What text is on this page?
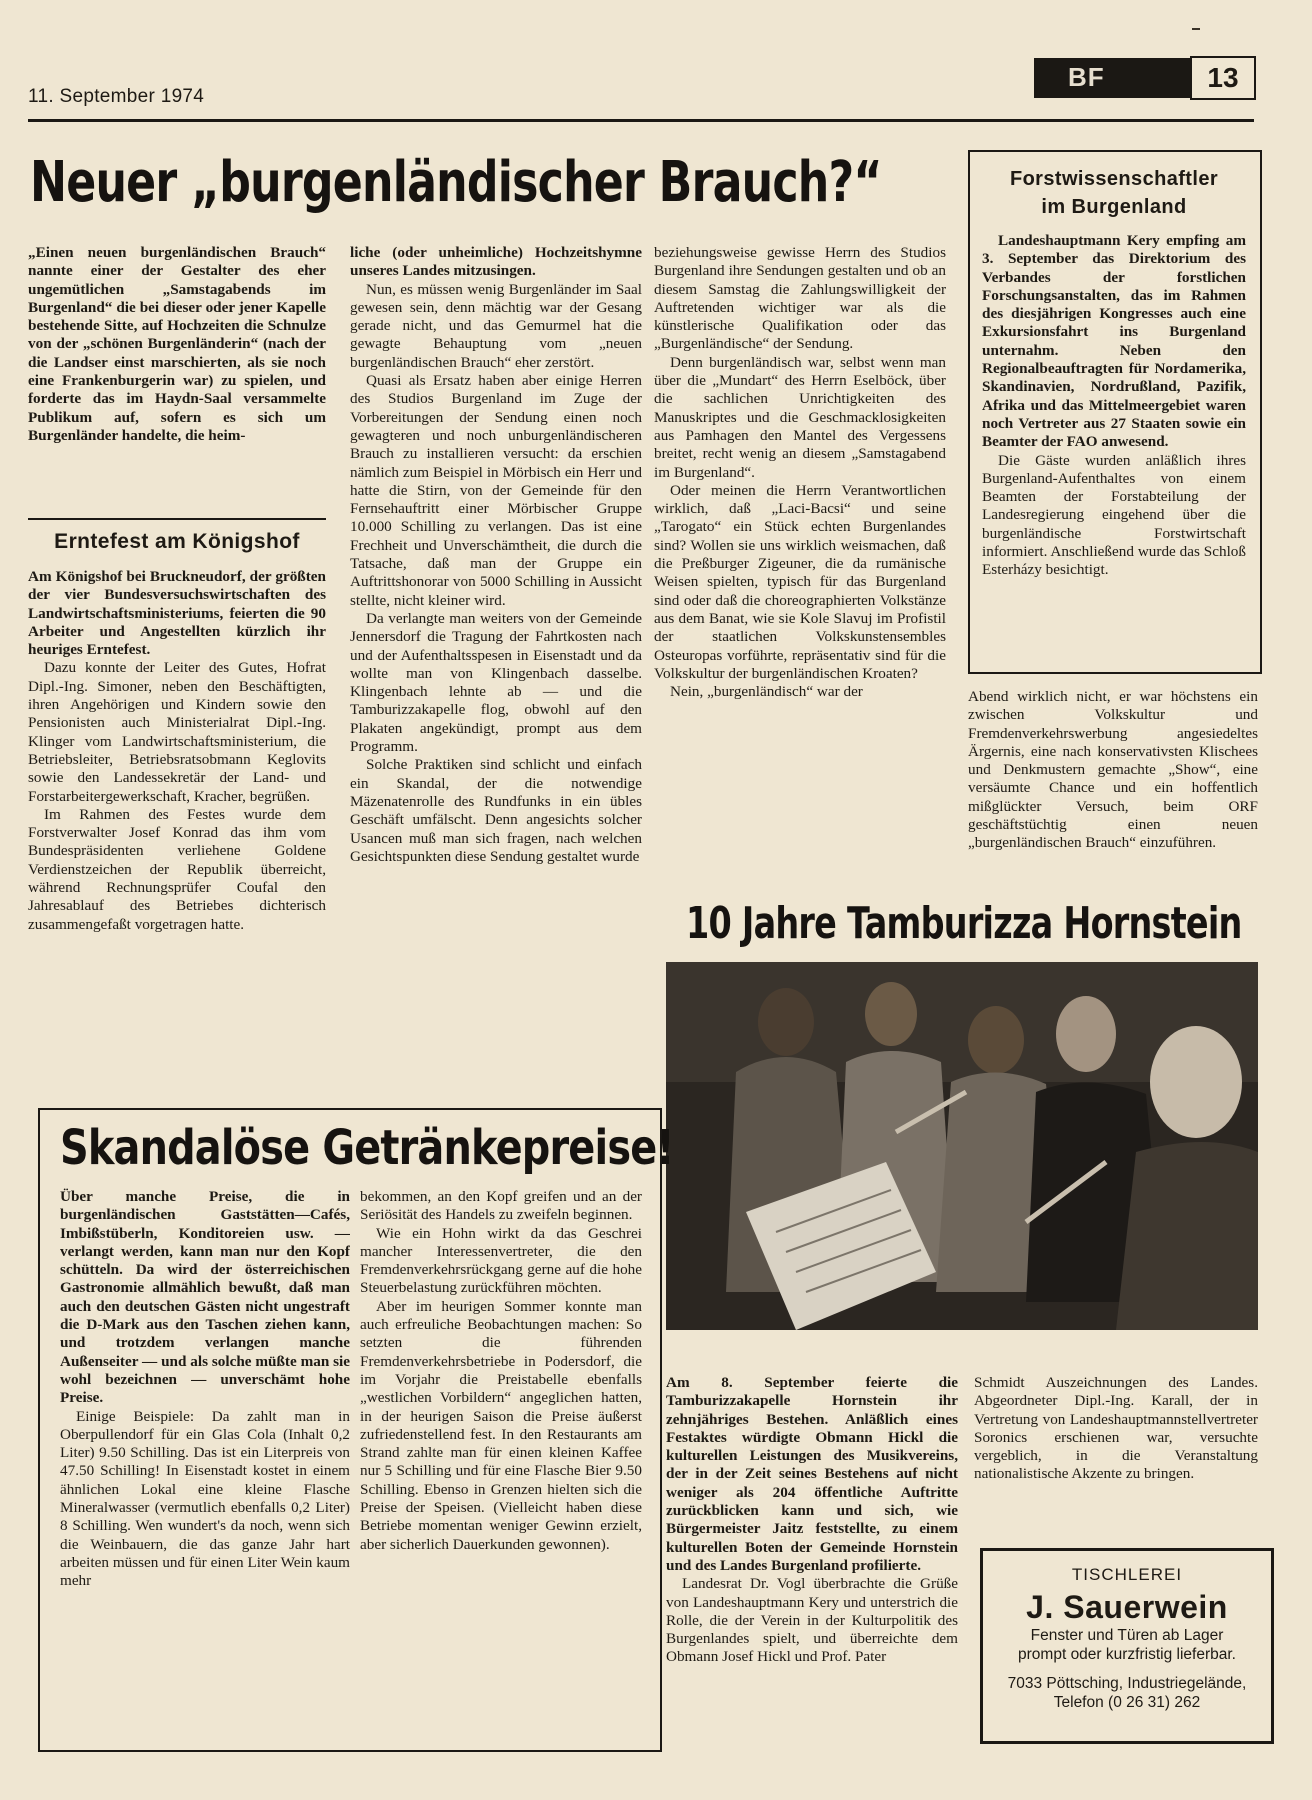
11. September 1974
BF	13
Neuer „burgenländischer Brauch?“

„Einen neuen burgenländischen Brauch“ nannte einer der Gestalter des eher ungemütlichen „Samstagabends im Burgenland“ die bei dieser oder jener Kapelle bestehende Sitte, auf Hochzeiten die Schnulze von der „schönen Burgenländerin“ (nach der die Landser einst marschierten, als sie noch eine Frankenburgerin war) zu spielen, und forderte das im Haydn-Saal versammelte Publikum auf, sofern es sich um Burgenländer handelte, die heim-

liche (oder unheimliche) Hochzeitshymne unseres Landes mitzusingen.

Nun, es müssen wenig Burgenländer im Saal gewesen sein, denn mächtig war der Gesang gerade nicht, und das Gemurmel hat die gewagte Behauptung vom „neuen burgenländischen Brauch“ eher zerstört.

Quasi als Ersatz haben aber einige Herren des Studios Burgenland im Zuge der Vorbereitungen der Sendung einen noch gewagteren und noch unburgenländischeren Brauch zu installieren versucht: da erschien nämlich zum Beispiel in Mörbisch ein Herr und hatte die Stirn, von der Gemeinde für den Fernsehauftritt einer Mörbischer Gruppe 10.000 Schilling zu verlangen. Das ist eine Frechheit und Unverschämtheit, die durch die Tatsache, daß man der Gruppe ein Auftrittshonorar von 5000 Schilling in Aussicht stellte, nicht kleiner wird.

Da verlangte man weiters von der Gemeinde Jennersdorf die Tragung der Fahrtkosten nach und der Aufenthaltsspesen in Eisenstadt und da wollte man von Klingenbach dasselbe. Klingenbach lehnte ab — und die Tamburizzakapelle flog, obwohl auf den Plakaten angekündigt, prompt aus dem Programm.

Solche Praktiken sind schlicht und einfach ein Skandal, der die notwendige Mäzenatenrolle des Rundfunks in ein übles Geschäft umfälscht. Denn angesichts solcher Usancen muß man sich fragen, nach welchen Gesichtspunkten diese Sendung gestaltet wurde

beziehungsweise gewisse Herrn des Studios Burgenland ihre Sendungen gestalten und ob an diesem Samstag die Zahlungswilligkeit der Auftretenden wichtiger war als die künstlerische Qualifikation oder das „Burgenländische“ der Sendung.

Denn burgenländisch war, selbst wenn man über die „Mundart“ des Herrn Eselböck, über die sachlichen Unrichtigkeiten des Manuskriptes und die Geschmacklosigkeiten aus Pamhagen den Mantel des Vergessens breitet, recht wenig an diesem „Samstagabend im Burgenland“.

Oder meinen die Herrn Verantwortlichen wirklich, daß „Laci-Bacsi“ und seine „Tarogato“ ein Stück echten Burgenlandes sind? Wollen sie uns wirklich weismachen, daß die Preßburger Zigeuner, die da rumänische Weisen spielten, typisch für das Burgenland sind oder daß die choreographierten Volkstänze aus dem Banat, wie sie Kole Slavuj im Profistil der staatlichen Volkskunstensembles Osteuropas vorführte, repräsentativ sind für die Volkskultur der burgenländischen Kroaten?

Nein, „burgenländisch“ war der	Abend wirklich nicht, er war höchstens ein zwischen Volkskultur und Fremdenverkehrswerbung angesiedeltes Ärgernis, eine nach konservativsten Klischees und Denkmustern gemachte „Show“, eine versäumte Chance und ein hoffentlich mißglückter Versuch, beim ORF geschäftstüchtig einen neuen „burgenländischen Brauch“ einzuführen.

Erntefest am Königshof

Am Königshof bei Bruckneudorf, der größten der vier Bundesversuchswirtschaften des Landwirtschaftsministeriums, feierten die 90 Arbeiter und Angestellten kürzlich ihr heuriges Erntefest.

Dazu konnte der Leiter des Gutes, Hofrat Dipl.-Ing. Simoner, neben den Beschäftigten, ihren Angehörigen und Kindern sowie den Pensionisten auch Ministerialrat Dipl.-Ing. Klinger vom Landwirtschaftsministerium, die Betriebsleiter, Betriebsratsobmann Keglovits sowie den Landessekretär der Land- und Forstarbeitergewerkschaft, Kracher, begrüßen.

Im Rahmen des Festes wurde dem Forstverwalter Josef Konrad das ihm vom Bundespräsidenten verliehene Goldene Verdienstzeichen der Republik überreicht, während Rechnungsprüfer Coufal den Jahresablauf des Betriebes dichterisch zusammengefaßt vorgetragen hatte.

Forstwissenschaftler
im Burgenland

Landeshauptmann Kery empfing am 3. September das Direktorium des Verbandes der forstlichen Forschungsanstalten, das im Rahmen des diesjährigen Kongresses auch eine Exkursionsfahrt ins Burgenland unternahm. Neben den Regionalbeauftragten für Nordamerika, Skandinavien, Nordrußland, Pazifik, Afrika und das Mittelmeergebiet waren noch Vertreter aus 27 Staaten sowie ein Beamter der FAO anwesend.

Die Gäste wurden anläßlich ihres Burgenland-Aufenthaltes von einem Beamten der Forstabteilung der Landesregierung eingehend über die burgenländische Forstwirtschaft informiert. Anschließend wurde das Schloß Esterházy besichtigt.

10 Jahre Tamburizza Hornstein

Am 8. September feierte die Tamburizzakapelle Hornstein ihr zehnjähriges Bestehen. Anläßlich eines Festaktes würdigte Obmann Hickl die kulturellen Leistungen des Musikvereins, der in der Zeit seines Bestehens auf nicht weniger als 204 öffentliche Auftritte zurückblicken kann und sich, wie Bürgermeister Jaitz feststellte, zu einem kulturellen Boten der Gemeinde Hornstein und des Landes Burgenland profilierte.

Landesrat Dr. Vogl überbrachte die Grüße von Landeshauptmann Kery und unterstrich die Rolle, die der Verein in der Kulturpolitik des Burgenlandes spielt, und überreichte dem Obmann Josef Hickl und Prof. Pater

Schmidt Auszeichnungen des Landes. Abgeordneter Dipl.-Ing. Karall, der in Vertretung von Landeshauptmannstellvertreter Soronics erschienen war, versuchte vergeblich, in die Veranstaltung nationalistische Akzente zu bringen.

Skandalöse Getränkepreise!

Über manche Preise, die in burgenländischen Gaststätten—Cafés, Imbißstüberln, Konditoreien usw. — verlangt werden, kann man nur den Kopf schütteln. Da wird der österreichischen Gastronomie allmählich bewußt, daß man auch den deutschen Gästen nicht ungestraft die D-Mark aus den Taschen ziehen kann, und trotzdem verlangen manche Außenseiter — und als solche müßte man sie wohl bezeichnen — unverschämt hohe Preise.

Einige Beispiele: Da zahlt man in Oberpullendorf für ein Glas Cola (Inhalt 0,2 Liter) 9.50 Schilling. Das ist ein Literpreis von 47.50 Schilling! In Eisenstadt kostet in einem ähnlichen Lokal eine kleine Flasche Mineralwasser (vermutlich ebenfalls 0,2 Liter) 8 Schilling. Wen wundert's da noch, wenn sich die Weinbauern, die das ganze Jahr hart arbeiten müssen und für einen Liter Wein kaum mehr

bekommen, an den Kopf greifen und an der Seriösität des Handels zu zweifeln beginnen.

Wie ein Hohn wirkt da das Geschrei mancher Interessenvertreter, die den Fremdenverkehrsrückgang gerne auf die hohe Steuerbelastung zurückführen möchten.

Aber im heurigen Sommer konnte man auch erfreuliche Beobachtungen machen: So setzten die führenden Fremdenverkehrsbetriebe in Podersdorf, die im Vorjahr die Preistabelle ebenfalls „westlichen Vorbildern“ angeglichen hatten, in der heurigen Saison die Preise äußerst zufriedenstellend fest. In den Restaurants am Strand zahlte man für einen kleinen Kaffee nur 5 Schilling und für eine Flasche Bier 9.50 Schilling. Ebenso in Grenzen hielten sich die Preise der Speisen. (Vielleicht haben diese Betriebe momentan weniger Gewinn erzielt, aber sicherlich Dauerkunden gewonnen).

TISCHLEREI
J. Sauerwein
Fenster und Türen ab Lager
prompt oder kurzfristig lieferbar.
7033 Pöttsching, Industriegelände,
Telefon (0 26 31) 262
